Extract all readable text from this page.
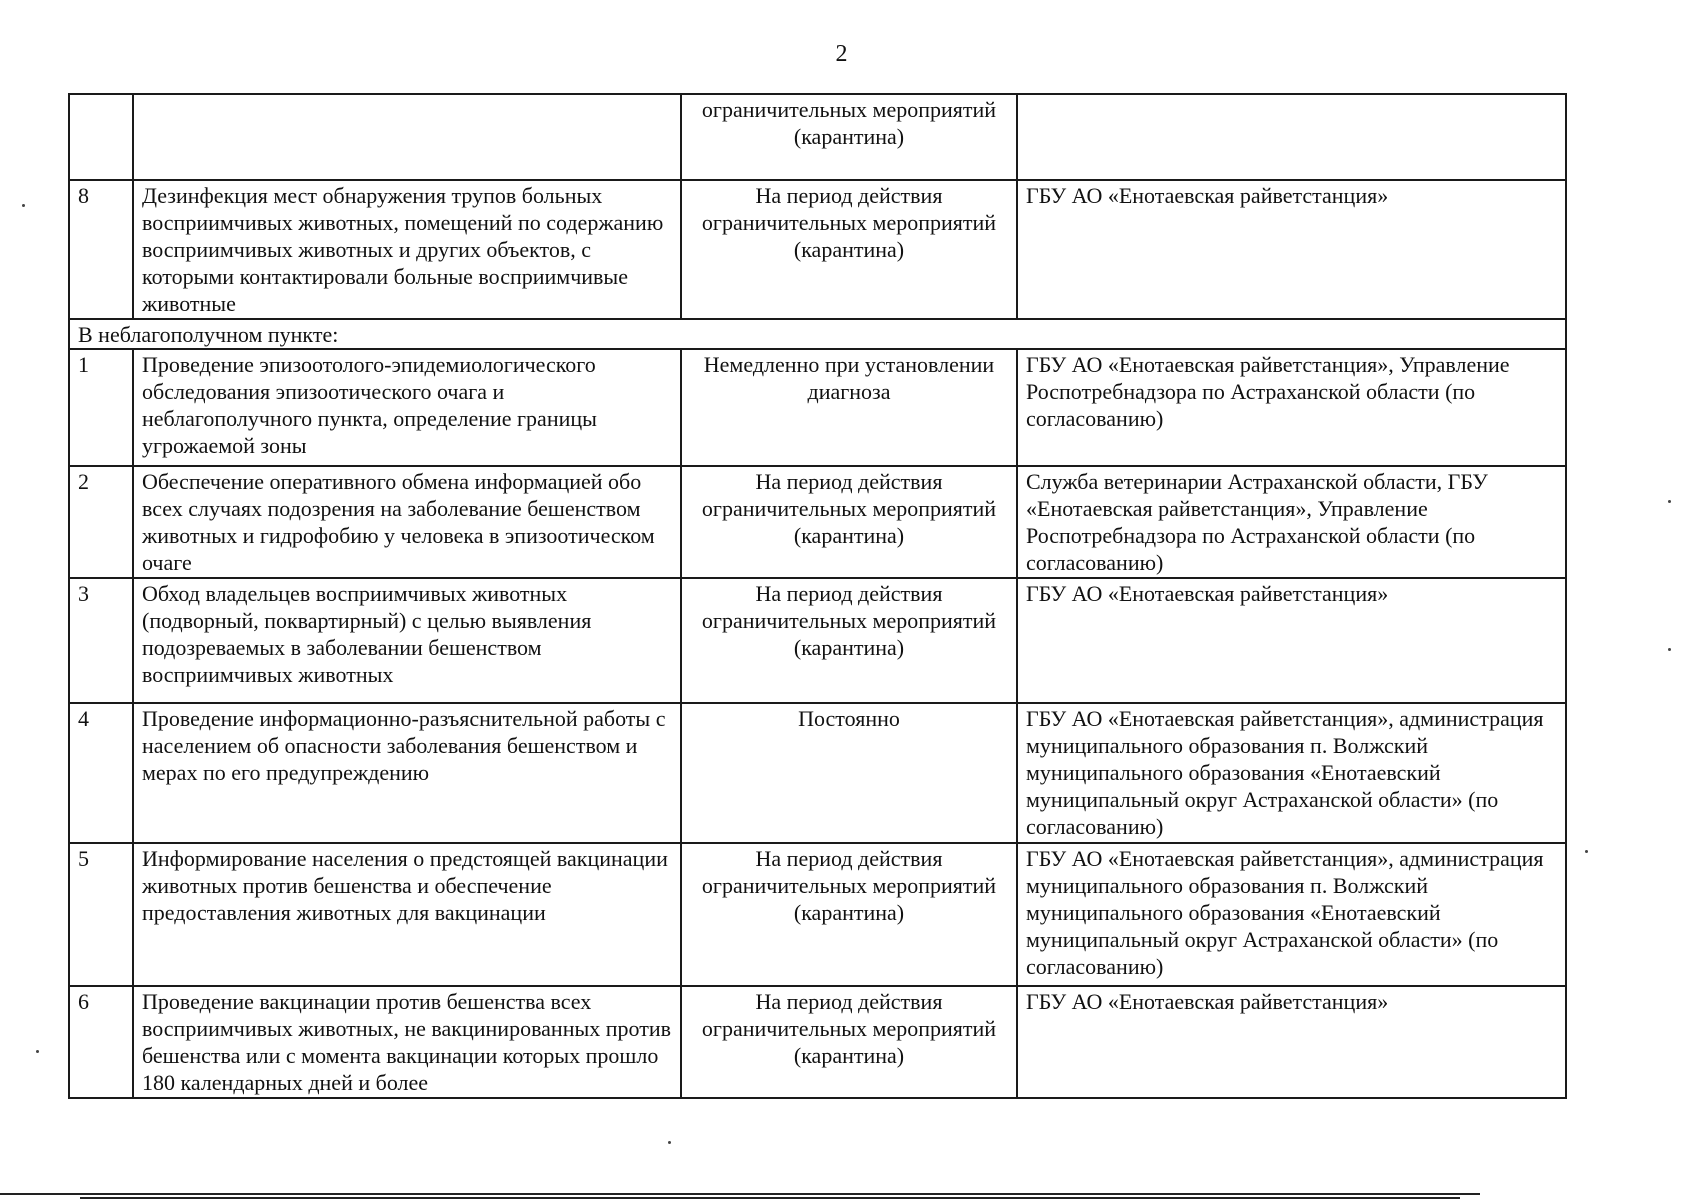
2
		ограничительных мероприятий (карантина)	
8	Дезинфекция мест обнаружения трупов больных восприимчивых животных, помещений по содержанию восприимчивых животных и других объектов, с которыми контактировали больные восприимчивые животные	На период действия ограничительных мероприятий (карантина)	ГБУ АО «Енотаевская райветстанция»
В неблагополучном пункте:			
1	Проведение эпизоотолого-эпидемиологического обследования эпизоотического очага и неблагополучного пункта, определение границы угрожаемой зоны	Немедленно при установлении диагноза	ГБУ АО «Енотаевская райветстанция», Управление Роспотребнадзора по Астраханской области (по согласованию)
2	Обеспечение оперативного обмена информацией обо всех случаях подозрения на заболевание бешенством животных и гидрофобию у человека в эпизоотическом очаге	На период действия ограничительных мероприятий (карантина)	Служба ветеринарии Астраханской области, ГБУ «Енотаевская райветстанция», Управление Роспотребнадзора по Астраханской области (по согласованию)
3	Обход владельцев восприимчивых животных (подворный, поквартирный) с целью выявления подозреваемых в заболевании бешенством восприимчивых животных	На период действия ограничительных мероприятий (карантина)	ГБУ АО «Енотаевская райветстанция»
4	Проведение информационно-разъяснительной работы с населением об опасности заболевания бешенством и мерах по его предупреждению	Постоянно	ГБУ АО «Енотаевская райветстанция», администрация муниципального образования п. Волжский муниципального образования «Енотаевский муниципальный округ Астраханской области» (по согласованию)
5	Информирование населения о предстоящей вакцинации животных против бешенства и обеспечение предоставления животных для вакцинации	На период действия ограничительных мероприятий (карантина)	ГБУ АО «Енотаевская райветстанция», администрация муниципального образования п. Волжский муниципального образования «Енотаевский муниципальный округ Астраханской области» (по согласованию)
6	Проведение вакцинации против бешенства всех восприимчивых животных, не вакцинированных против бешенства или с момента вакцинации которых прошло 180 календарных дней и более	На период действия ограничительных мероприятий (карантина)	ГБУ АО «Енотаевская райветстанция»
